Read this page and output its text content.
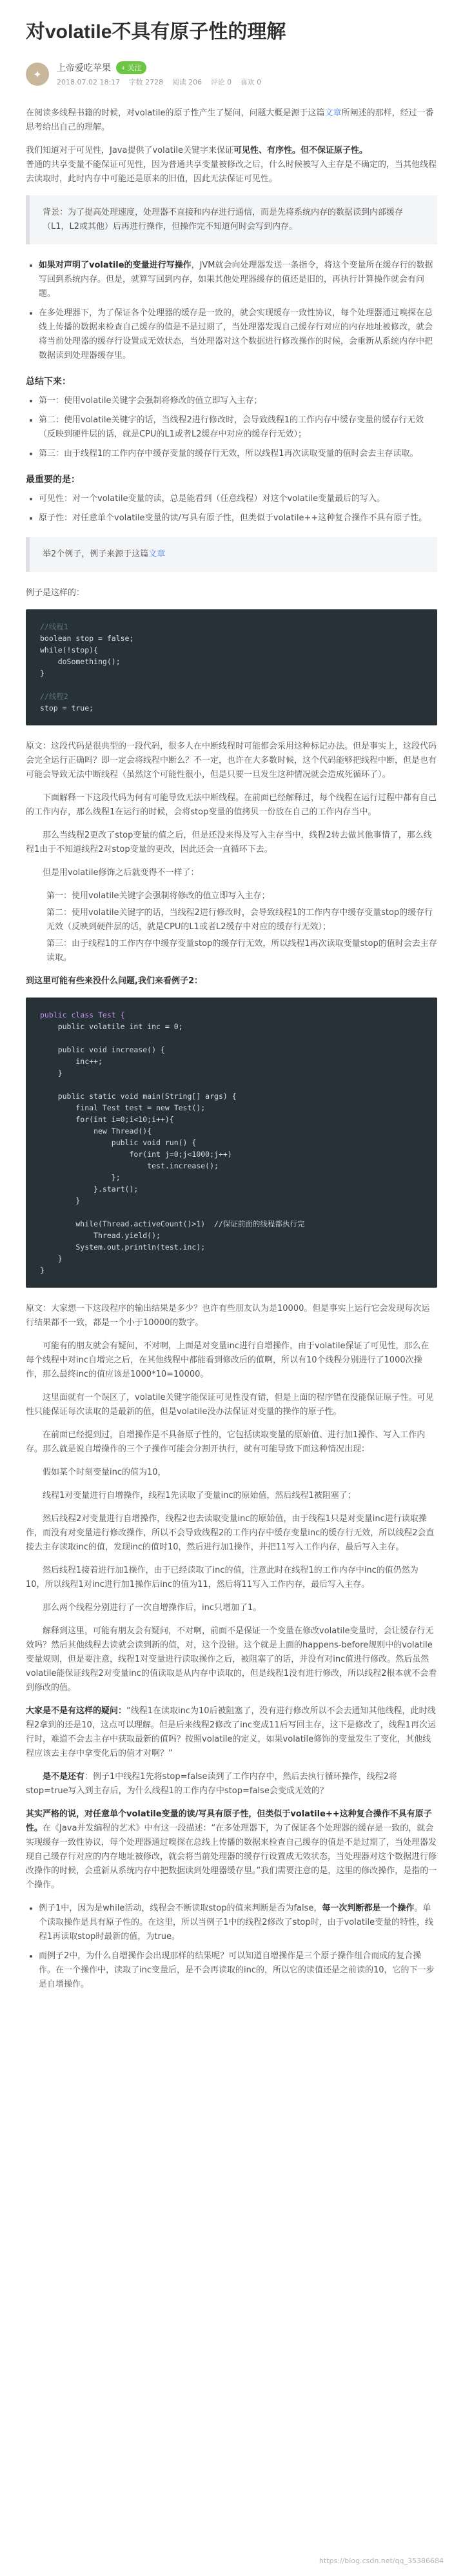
对volatile不具有原子性的理解
✦	上帝爱吃苹果	+ 关注
2018.07.02 18:17 字数 2728 阅读 206 评论 0 喜欢 0

在阅读多线程书籍的时候，对volatile的原子性产生了疑问，问题大概是源于这篇文章所阐述的那样，经过一番思考给出自己的理解。

我们知道对于可见性，Java提供了volatile关键字来保证可见性、有序性。但不保证原子性。
普通的共享变量不能保证可见性，因为普通共享变量被修改之后，什么时候被写入主存是不确定的，当其他线程去读取时，此时内存中可能还是原来的旧值，因此无法保证可见性。

背景：为了提高处理速度，处理器不直接和内存进行通信，而是先将系统内存的数据读到内部缓存（L1，L2或其他）后再进行操作，但操作完不知道何时会写到内存。

• 如果对声明了volatile的变量进行写操作，JVM就会向处理器发送一条指令，将这个变量所在缓存行的数据写回到系统内存。但是，就算写回到内存，如果其他处理器缓存的值还是旧的，再执行计算操作就会有问题。
• 在多处理器下，为了保证各个处理器的缓存是一致的，就会实现缓存一致性协议，每个处理器通过嗅探在总线上传播的数据来检查自己缓存的值是不是过期了，当处理器发现自己缓存行对应的内存地址被修改，就会将当前处理器的缓存行设置成无效状态，当处理器对这个数据进行修改操作的时候，会重新从系统内存中把数据读到处理器缓存里。
总结下来：
• 第一：使用volatile关键字会强制将修改的值立即写入主存；
• 第二：使用volatile关键字的话，当线程2进行修改时，会导致线程1的工作内存中缓存变量的缓存行无效（反映到硬件层的话，就是CPU的L1或者L2缓存中对应的缓存行无效）；
• 第三：由于线程1的工作内存中缓存变量的缓存行无效，所以线程1再次读取变量的值时会去主存读取。
最重要的是：
• 可见性：对一个volatile变量的读，总是能看到（任意线程）对这个volatile变量最后的写入。
• 原子性：对任意单个volatile变量的读/写具有原子性，但类似于volatile++这种复合操作不具有原子性。

举2个例子，例子来源于这篇文章

例子是这样的：

//线程1
boolean stop = false;
while(!stop){
doSomething();
}

//线程2
stop = true;

原文：这段代码是很典型的一段代码，很多人在中断线程时可能都会采用这种标记办法。但是事实上，这段代码会完全运行正确吗？即一定会将线程中断么？不一定，也许在大多数时候，这个代码能够把线程中断，但是也有可能会导致无法中断线程（虽然这个可能性很小，但是只要一旦发生这种情况就会造成死循环了）。

下面解释一下这段代码为何有可能导致无法中断线程。在前面已经解释过，每个线程在运行过程中都有自己的工作内存，那么线程1在运行的时候，会将stop变量的值拷贝一份放在自己的工作内存当中。

那么当线程2更改了stop变量的值之后，但是还没来得及写入主存当中，线程2转去做其他事情了，那么线程1由于不知道线程2对stop变量的更改，因此还会一直循环下去。

但是用volatile修饰之后就变得不一样了：

第一：使用volatile关键字会强制将修改的值立即写入主存；

第二：使用volatile关键字的话，当线程2进行修改时，会导致线程1的工作内存中缓存变量stop的缓存行无效（反映到硬件层的话，就是CPU的L1或者L2缓存中对应的缓存行无效）；

第三：由于线程1的工作内存中缓存变量stop的缓存行无效，所以线程1再次读取变量stop的值时会去主存读取。

到这里可能有些来没什么问题,我们来看例子2：

public class Test {
public volatile int inc = 0;

public void increase() {
inc++;
}

public static void main(String[] args) {
final Test test = new Test();
for(int i=0;i<10;i++){
new Thread(){
public void run() {
for(int j=0;j<1000;j++)
test.increase();
};
}.start();
}

while(Thread.activeCount()>1)  //保证前面的线程都执行完
Thread.yield();
System.out.println(test.inc);
}
}

原文：大家想一下这段程序的输出结果是多少？也许有些朋友认为是10000。但是事实上运行它会发现每次运行结果都不一致，都是一个小于10000的数字。

可能有的朋友就会有疑问，不对啊，上面是对变量inc进行自增操作，由于volatile保证了可见性，那么在每个线程中对inc自增完之后，在其他线程中都能看到修改后的值啊，所以有10个线程分别进行了1000次操作，那么最终inc的值应该是1000*10=10000。

这里面就有一个误区了，volatile关键字能保证可见性没有错，但是上面的程序错在没能保证原子性。可见性只能保证每次读取的是最新的值，但是volatile没办法保证对变量的操作的原子性。

在前面已经提到过，自增操作是不具备原子性的，它包括读取变量的原始值、进行加1操作、写入工作内存。那么就是说自增操作的三个子操作可能会分割开执行，就有可能导致下面这种情况出现：

假如某个时刻变量inc的值为10，

线程1对变量进行自增操作，线程1先读取了变量inc的原始值，然后线程1被阻塞了；

然后线程2对变量进行自增操作，线程2也去读取变量inc的原始值，由于线程1只是对变量inc进行读取操作，而没有对变量进行修改操作，所以不会导致线程2的工作内存中缓存变量inc的缓存行无效，所以线程2会直接去主存读取inc的值，发现inc的值时10，然后进行加1操作，并把11写入工作内存，最后写入主存。

然后线程1接着进行加1操作，由于已经读取了inc的值，注意此时在线程1的工作内存中inc的值仍然为10，所以线程1对inc进行加1操作后inc的值为11，然后将11写入工作内存，最后写入主存。

那么两个线程分别进行了一次自增操作后，inc只增加了1。

解释到这里，可能有朋友会有疑问，不对啊，前面不是保证一个变量在修改volatile变量时，会让缓存行无效吗？然后其他线程去读就会读到新的值，对，这个没错。这个就是上面的happens-before规则中的volatile变量规则，但是要注意，线程1对变量进行读取操作之后，被阻塞了的话，并没有对inc值进行修改。然后虽然volatile能保证线程2对变量inc的值读取是从内存中读取的，但是线程1没有进行修改，所以线程2根本就不会看到修改的值。

大家是不是有这样的疑问：“线程1在读取inc为10后被阻塞了，没有进行修改所以不会去通知其他线程，此时线程2拿到的还是10，这点可以理解。但是后来线程2修改了inc变成11后写回主存，这下是修改了，线程1再次运行时，难道不会去主存中获取最新的值吗？按照volatile的定义，如果volatile修饰的变量发生了变化，其他线程应该去主存中拿变化后的值才对啊？”

是不是还有：例子1中线程1先将stop=false读到了工作内存中，然后去执行循环操作，线程2将stop=true写入到主存后，为什么线程1的工作内存中stop=false会变成无效的？

其实严格的说，对任意单个volatile变量的读/写具有原子性，但类似于volatile++这种复合操作不具有原子性。在《Java并发编程的艺术》中有这一段描述：“在多处理器下，为了保证各个处理器的缓存是一致的，就会实现缓存一致性协议，每个处理器通过嗅探在总线上传播的数据来检查自己缓存的值是不是过期了，当处理器发现自己缓存行对应的内存地址被修改，就会将当前处理器的缓存行设置成无效状态，当处理器对这个数据进行修改操作的时候，会重新从系统内存中把数据读到处理器缓存里。”我们需要注意的是，这里的修改操作，是指的一个操作。

• 例子1中，因为是while活动，线程会不断读取stop的值来判断是否为false，每一次判断都是一个操作。单个读取操作是具有原子性的。在这里，所以当例子1中的线程2修改了stop时，由于volatile变量的特性，线程1再读取stop时最新的值，为true。
• 而例子2中，为什么自增操作会出现那样的结果呢？可以知道自增操作是三个原子操作组合而成的复合操作。在一个操作中，读取了inc变量后，是不会再读取的inc的，所以它的读值还是之前读的10，它的下一步是自增操作。
https://blog.csdn.net/qq_35386684
